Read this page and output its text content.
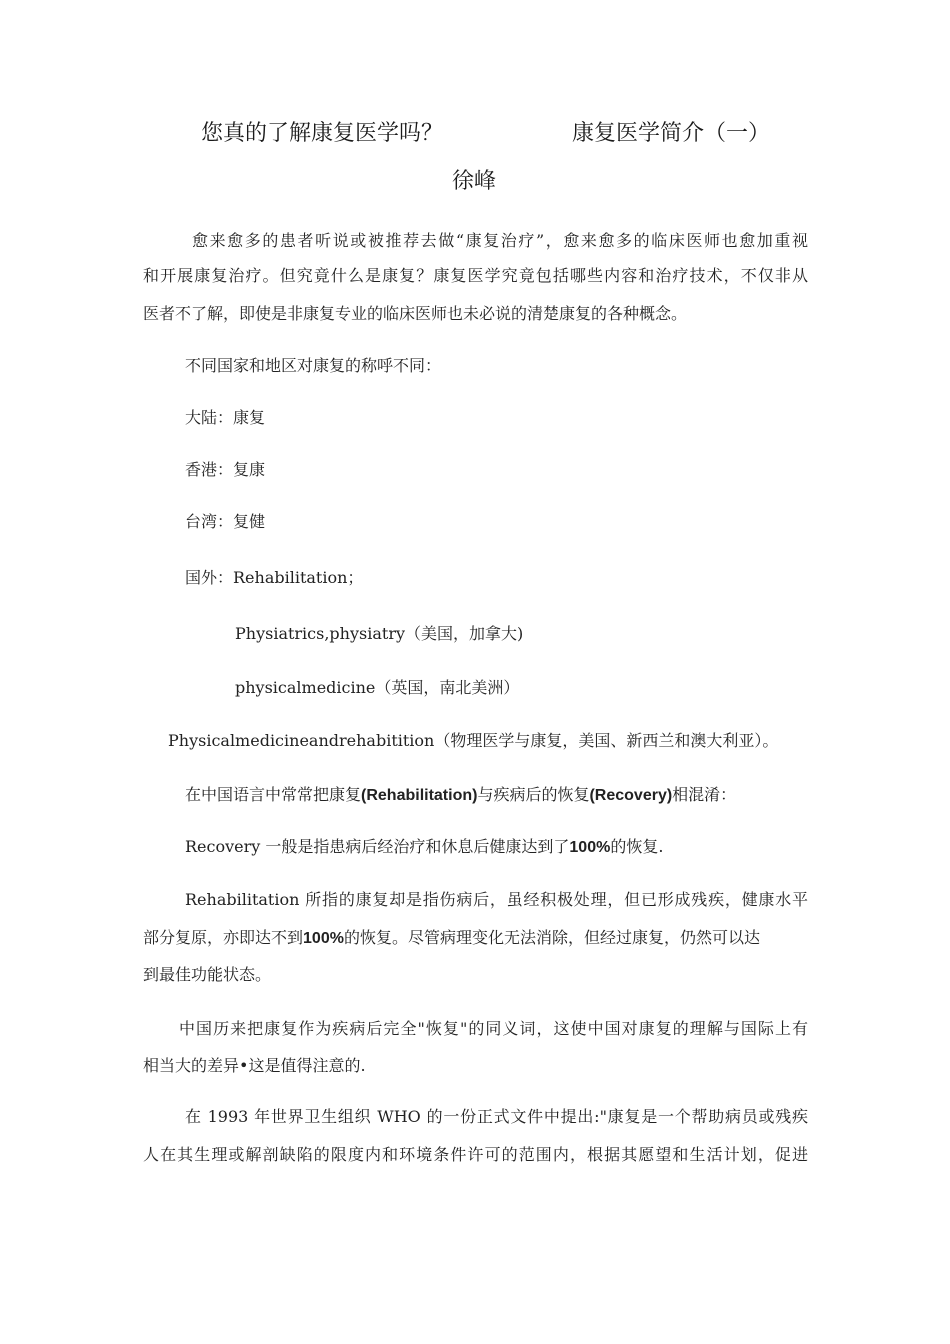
您真的了解康复医学吗？	康复医学简介（一）
徐峰
愈来愈多的患者听说或被推荐去做“康复治疗”，愈来愈多的临床医师也愈加重视
和开展康复治疗。但究竟什么是康复？康复医学究竟包括哪些内容和治疗技术，不仅非从
医者不了解，即使是非康复专业的临床医师也未必说的清楚康复的各种概念。
不同国家和地区对康复的称呼不同：
大陆：康复
香港：复康
台湾：复健
国外：Rehabilitation；
Physiatrics,physiatry（美国，加拿大)
physicalmedicine（英国，南北美洲）
Physicalmedicineandrehabitition（物理医学与康复，美国、新西兰和澳大利亚）。
在中国语言中常常把康复(Rehabilitation)与疾病后的恢复(Recovery)相混淆：
Recovery 一般是指患病后经治疗和休息后健康达到了100%的恢复.
Rehabilitation 所指的康复却是指伤病后，虽经积极处理，但已形成残疾，健康水平
部分复原，亦即达不到100%的恢复。尽管病理变化无法消除，但经过康复，仍然可以达
到最佳功能状态。
中国历来把康复作为疾病后完全"恢复"的同义词，这使中国对康复的理解与国际上有
相当大的差异•这是值得注意的.
在 1993 年世界卫生组织 WHO 的一份正式文件中提出:"康复是一个帮助病员或残疾
人在其生理或解剖缺陷的限度内和环境条件许可的范围内，根据其愿望和生活计划，促进
